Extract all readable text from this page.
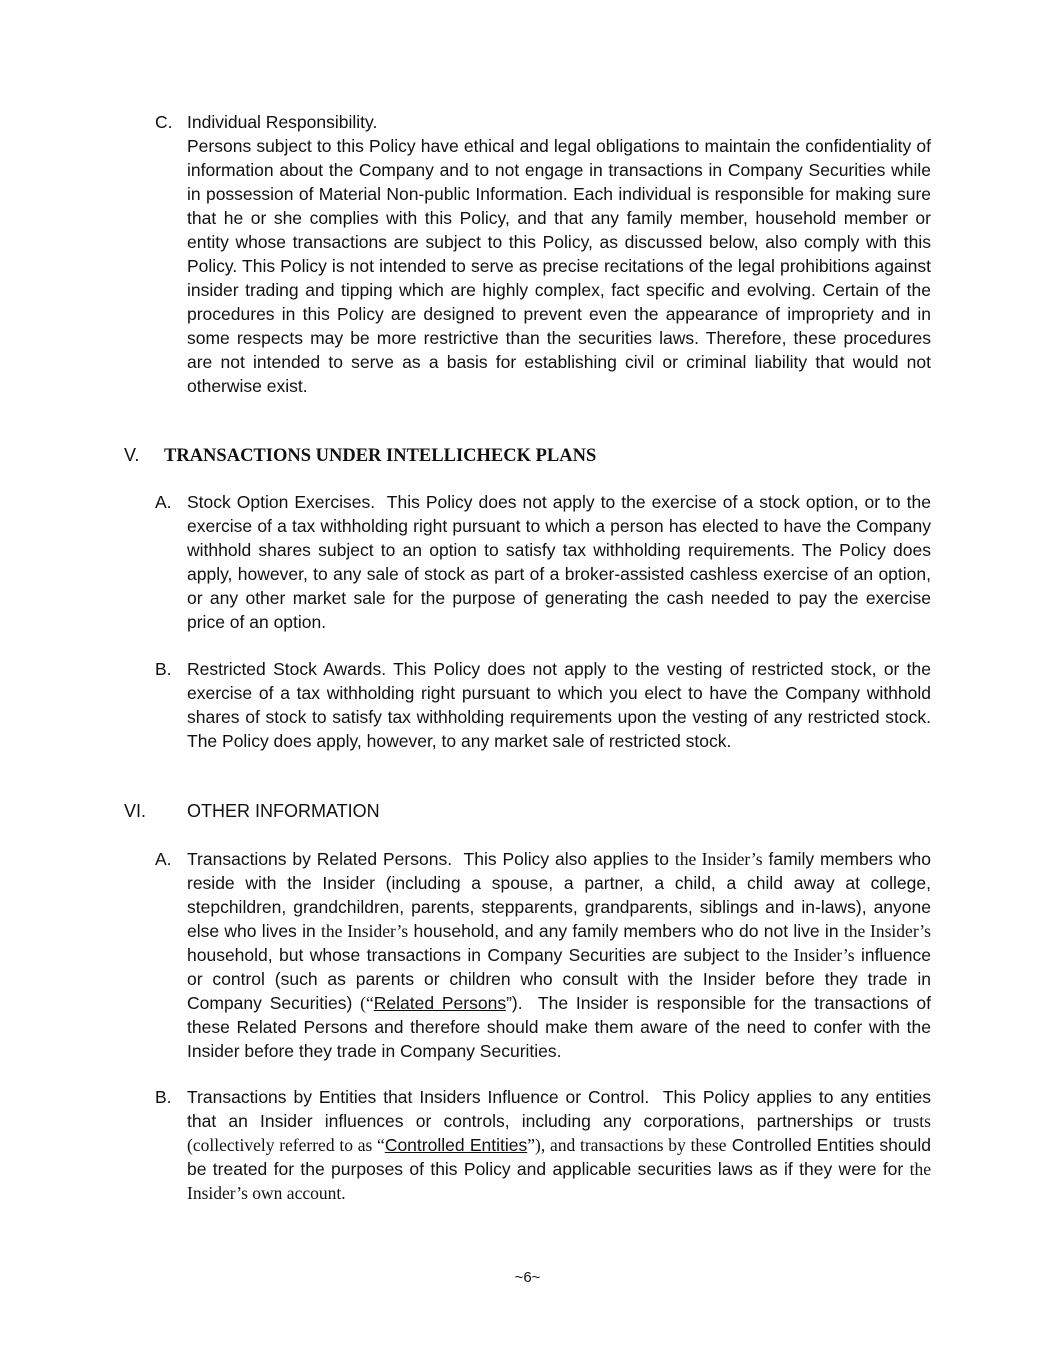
C. Individual Responsibility.

Persons subject to this Policy have ethical and legal obligations to maintain the confidentiality of information about the Company and to not engage in transactions in Company Securities while in possession of Material Non-public Information. Each individual is responsible for making sure that he or she complies with this Policy, and that any family member, household member or entity whose transactions are subject to this Policy, as discussed below, also comply with this Policy. This Policy is not intended to serve as precise recitations of the legal prohibitions against insider trading and tipping which are highly complex, fact specific and evolving. Certain of the procedures in this Policy are designed to prevent even the appearance of impropriety and in some respects may be more restrictive than the securities laws. Therefore, these procedures are not intended to serve as a basis for establishing civil or criminal liability that would not otherwise exist.

V. TRANSACTIONS UNDER INTELLICHECK PLANS

A. Stock Option Exercises. This Policy does not apply to the exercise of a stock option, or to the exercise of a tax withholding right pursuant to which a person has elected to have the Company withhold shares subject to an option to satisfy tax withholding requirements. The Policy does apply, however, to any sale of stock as part of a broker-assisted cashless exercise of an option, or any other market sale for the purpose of generating the cash needed to pay the exercise price of an option.

B. Restricted Stock Awards. This Policy does not apply to the vesting of restricted stock, or the exercise of a tax withholding right pursuant to which you elect to have the Company withhold shares of stock to satisfy tax withholding requirements upon the vesting of any restricted stock. The Policy does apply, however, to any market sale of restricted stock.

VI. OTHER INFORMATION

A. Transactions by Related Persons. This Policy also applies to the Insider’s family members who reside with the Insider (including a spouse, a partner, a child, a child away at college, stepchildren, grandchildren, parents, stepparents, grandparents, siblings and in-laws), anyone else who lives in the Insider’s household, and any family members who do not live in the Insider’s household, but whose transactions in Company Securities are subject to the Insider’s influence or control (such as parents or children who consult with the Insider before they trade in Company Securities) (“Related Persons”). The Insider is responsible for the transactions of these Related Persons and therefore should make them aware of the need to confer with the Insider before they trade in Company Securities.

B. Transactions by Entities that Insiders Influence or Control. This Policy applies to any entities that an Insider influences or controls, including any corporations, partnerships or trusts (collectively referred to as “Controlled Entities”), and transactions by these Controlled Entities should be treated for the purposes of this Policy and applicable securities laws as if they were for the Insider’s own account.

~6~
